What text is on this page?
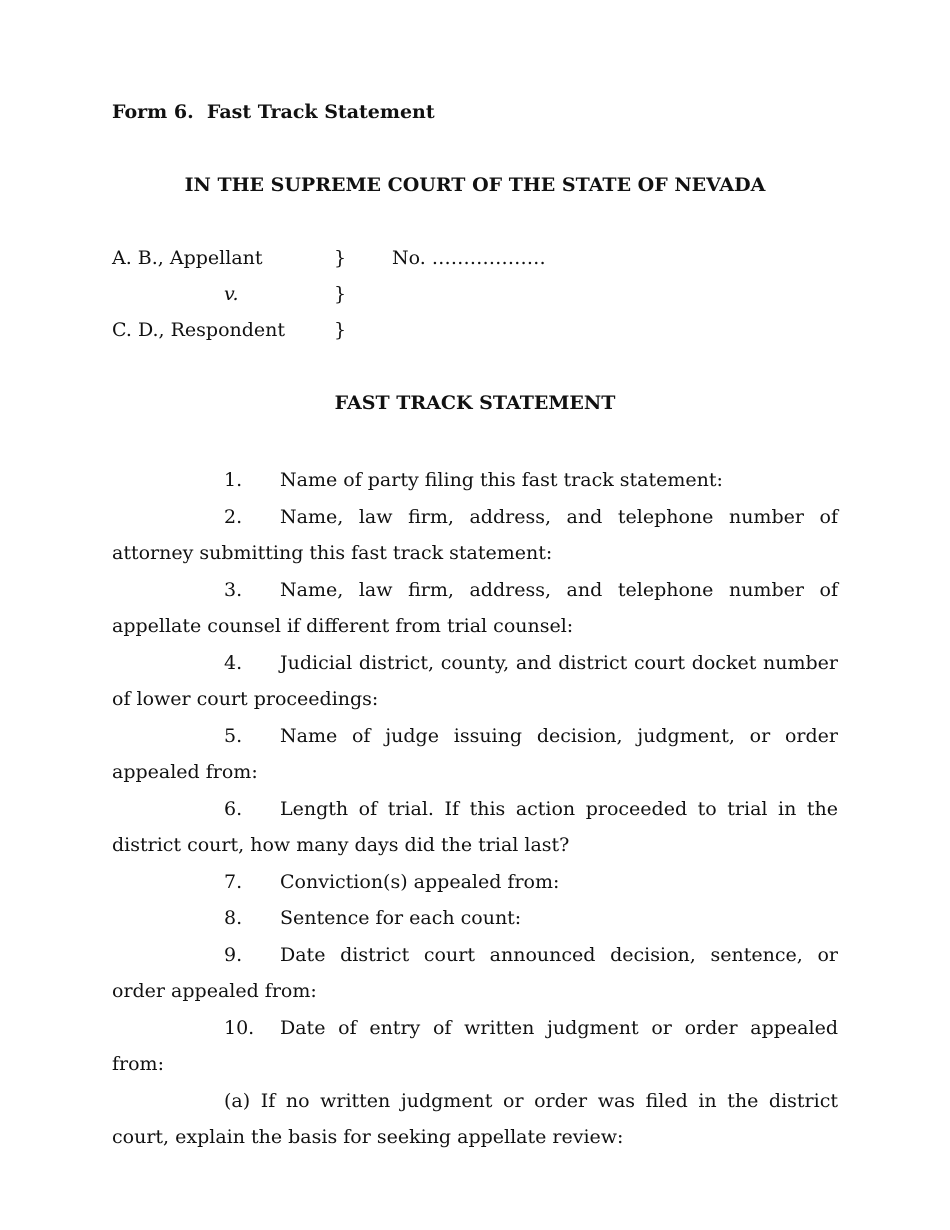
Form 6.  Fast Track Statement
IN THE SUPREME COURT OF THE STATE OF NEVADA
A. B., Appellant	} No. ………………
v.	}
C. D., Respondent	}
FAST TRACK STATEMENT

1. Name of party filing this fast track statement:

2. Name, law firm, address, and telephone number of attorney submitting this fast track statement:

3. Name, law firm, address, and telephone number of appellate counsel if different from trial counsel:

4. Judicial district, county, and district court docket number of lower court proceedings:

5. Name of judge issuing decision, judgment, or order appealed from:

6. Length of trial. If this action proceeded to trial in the district court, how many days did the trial last?

7. Conviction(s) appealed from:

8. Sentence for each count:

9. Date district court announced decision, sentence, or order appealed from:

10. Date of entry of written judgment or order appealed from:

(a) If no written judgment or order was filed in the district court, explain the basis for seeking appellate review:
